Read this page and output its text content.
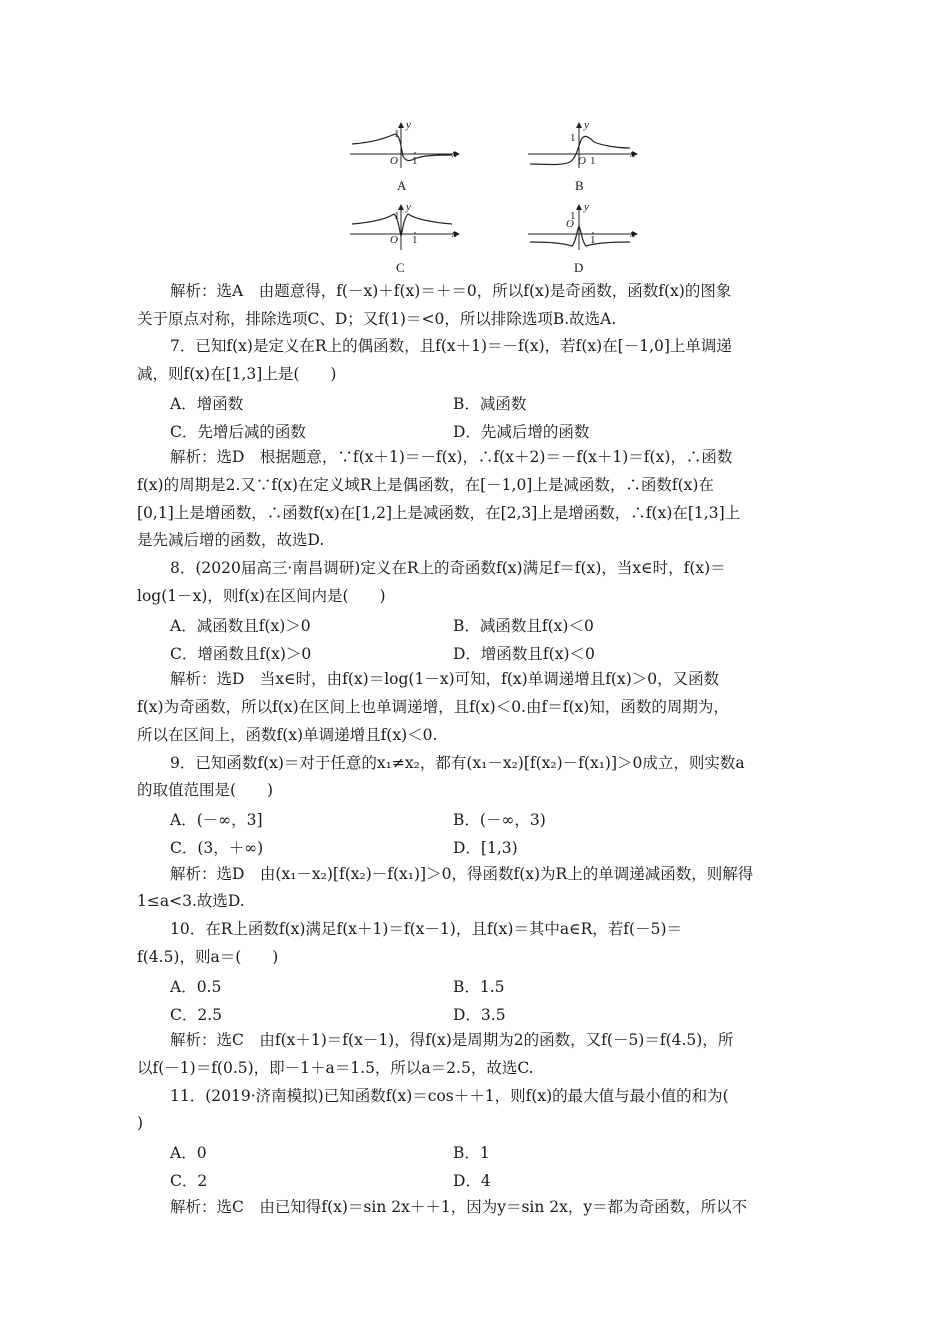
y
1
O 1
x
A
y
1
O 1
x
B
y
1
O 1	x
C
y
1
O
1	x
D
解析：选A　由题意得，f(－x)＋f(x)＝＋＝0，所以f(x)是奇函数，函数f(x)的图象
关于原点对称，排除选项C、D；又f(1)＝<0，所以排除选项B.故选A.
7．已知f(x)是定义在R上的偶函数，且f(x＋1)＝－f(x)，若f(x)在[－1,0]上单调递
减，则f(x)在[1,3]上是(　　)
A．增函数	B．减函数
C．先增后减的函数	D．先减后增的函数
解析：选D　根据题意，∵f(x＋1)＝－f(x)，∴f(x＋2)＝－f(x＋1)＝f(x)，∴函数
f(x)的周期是2.又∵f(x)在定义域R上是偶函数，在[－1,0]上是减函数，∴函数f(x)在
[0,1]上是增函数，∴函数f(x)在[1,2]上是减函数，在[2,3]上是增函数，∴f(x)在[1,3]上
是先减后增的函数，故选D.
8．(2020届高三·南昌调研)定义在R上的奇函数f(x)满足f＝f(x)，当x∈时，f(x)＝
log(1－x)，则f(x)在区间内是(　　)
A．减函数且f(x)＞0	B．减函数且f(x)＜0
C．增函数且f(x)＞0	D．增函数且f(x)＜0
解析：选D　当x∈时，由f(x)＝log(1－x)可知，f(x)单调递增且f(x)＞0，又函数
f(x)为奇函数，所以f(x)在区间上也单调递增，且f(x)＜0.由f＝f(x)知，函数的周期为，
所以在区间上，函数f(x)单调递增且f(x)＜0.
9．已知函数f(x)＝对于任意的x₁≠x₂，都有(x₁－x₂)[f(x₂)－f(x₁)]＞0成立，则实数a
的取值范围是(　　)
A．(－∞，3]	B．(－∞，3)
C．(3，＋∞)	D．[1,3)
解析：选D　由(x₁－x₂)[f(x₂)－f(x₁)]＞0，得函数f(x)为R上的单调递减函数，则解得
1≤a<3.故选D.
10．在R上函数f(x)满足f(x＋1)＝f(x－1)，且f(x)＝其中a∈R，若f(－5)＝
f(4.5)，则a＝(　　)
A．0.5	B．1.5
C．2.5	D．3.5
解析：选C　由f(x＋1)＝f(x－1)，得f(x)是周期为2的函数，又f(－5)＝f(4.5)，所
以f(－1)＝f(0.5)，即－1＋a＝1.5，所以a＝2.5，故选C.
11．(2019·济南模拟)已知函数f(x)＝cos＋＋1，则f(x)的最大值与最小值的和为(
)
A．0	B．1
C．2	D．4
解析：选C　由已知得f(x)＝sin 2x＋＋1，因为y＝sin 2x，y＝都为奇函数，所以不
